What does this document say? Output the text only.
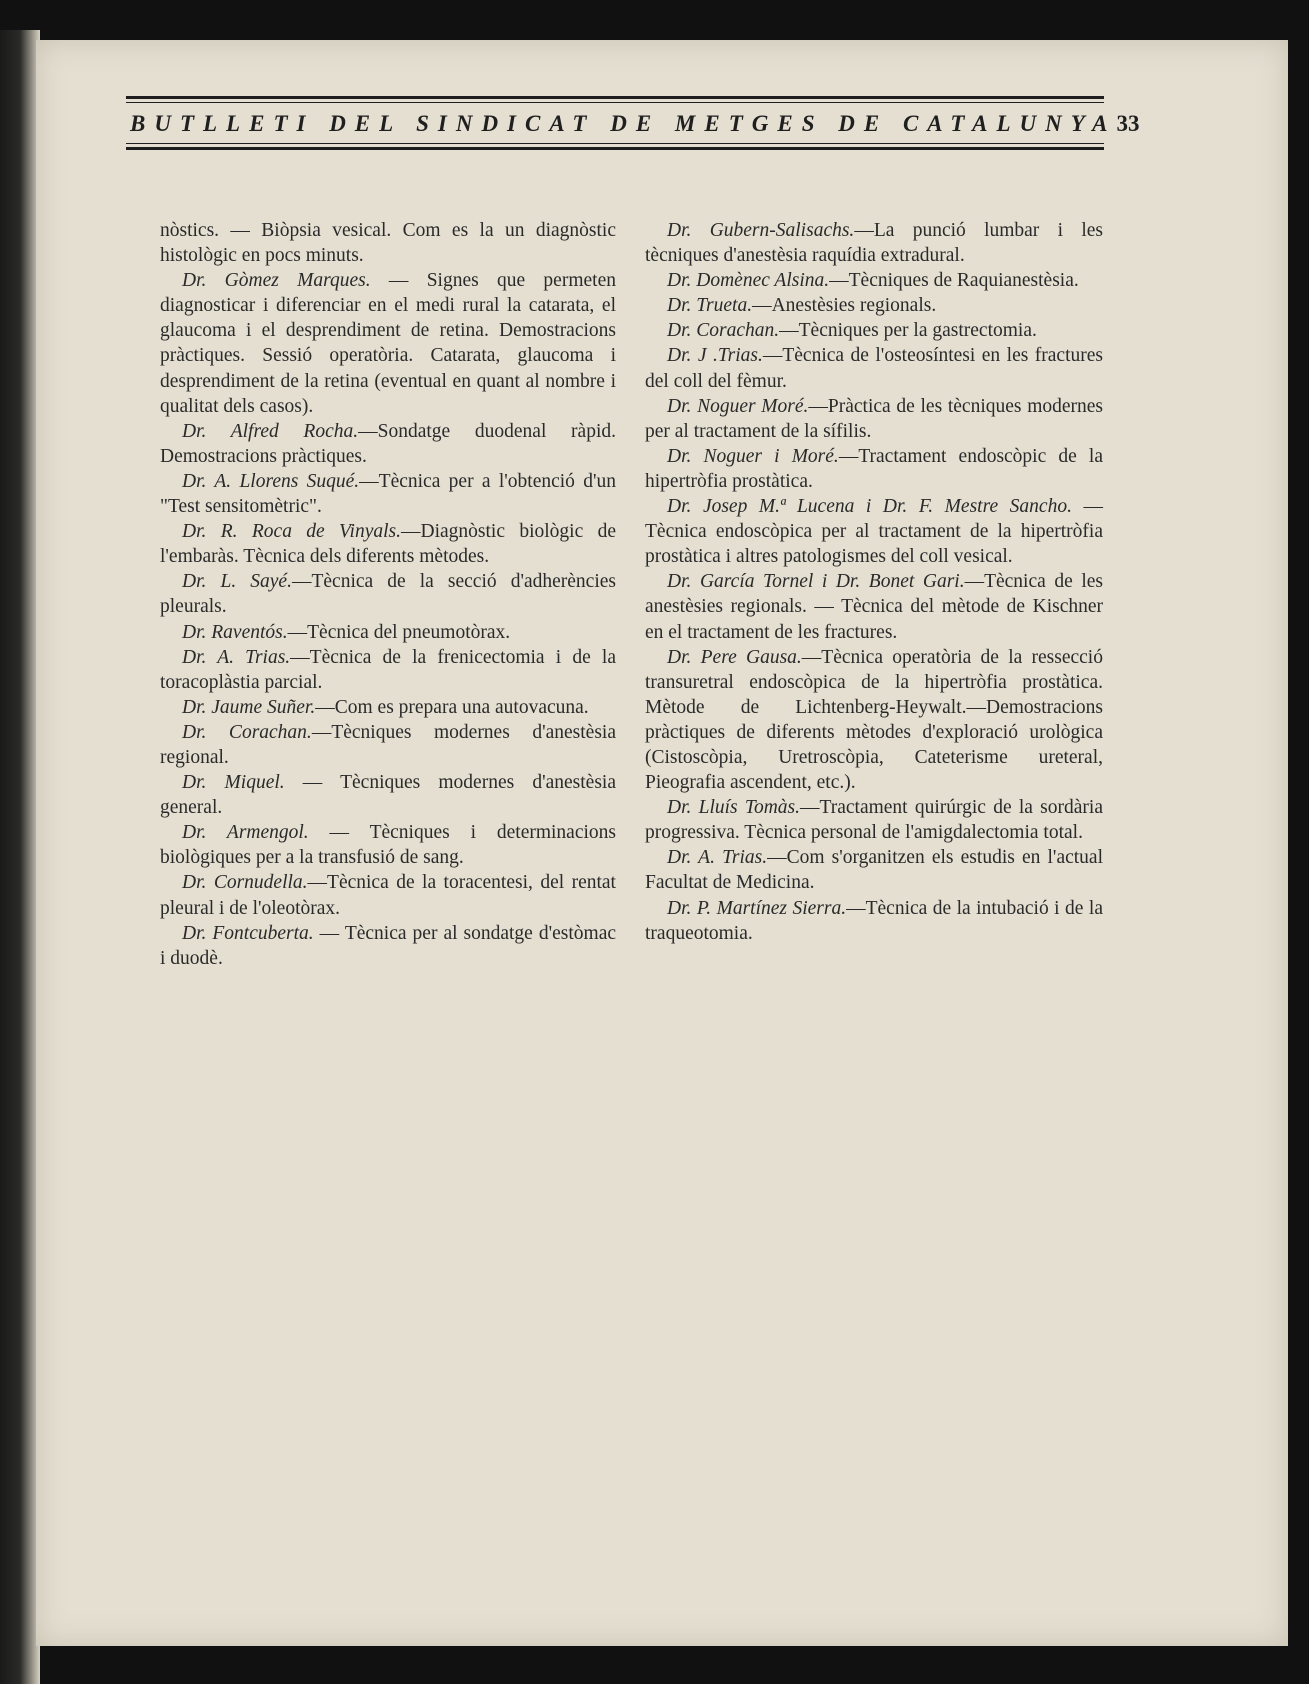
BUTLLETI DEL SINDICAT DE METGES DE CATALUNYA 33

nòstics. — Biòpsia vesical. Com es la un diagnòstic histològic en pocs minuts.

Dr. Gòmez Marques. — Signes que permeten diagnosticar i diferenciar en el medi rural la catarata, el glaucoma i el desprendiment de retina. Demostracions pràctiques. Sessió operatòria. Catarata, glaucoma i desprendiment de la retina (eventual en quant al nombre i qualitat dels casos).

Dr. Alfred Rocha.—Sondatge duodenal ràpid. Demostracions pràctiques.

Dr. A. Llorens Suqué.—Tècnica per a l'obtenció d'un "Test sensitomètric".

Dr. R. Roca de Vinyals.—Diagnòstic biològic de l'embaràs. Tècnica dels diferents mètodes.

Dr. L. Sayé.—Tècnica de la secció d'adherències pleurals.

Dr. Raventós.—Tècnica del pneumotòrax.

Dr. A. Trias.—Tècnica de la frenicectomia i de la toracoplàstia parcial.

Dr. Jaume Suñer.—Com es prepara una autovacuna.

Dr. Corachan.—Tècniques modernes d'anestèsia regional.

Dr. Miquel. — Tècniques modernes d'anestèsia general.

Dr. Armengol. — Tècniques i determinacions biològiques per a la transfusió de sang.

Dr. Cornudella.—Tècnica de la toracentesi, del rentat pleural i de l'oleotòrax.

Dr. Fontcuberta. — Tècnica per al sondatge d'estòmac i duodè.

Dr. Gubern-Salisachs.—La punció lumbar i les tècniques d'anestèsia raquídia extradural.

Dr. Domènec Alsina.—Tècniques de Raquianestèsia.

Dr. Trueta.—Anestèsies regionals.

Dr. Corachan.—Tècniques per la gastrectomia.

Dr. J .Trias.—Tècnica de l'osteosíntesi en les fractures del coll del fèmur.

Dr. Noguer Moré.—Pràctica de les tècniques modernes per al tractament de la sífilis.

Dr. Noguer i Moré.—Tractament endoscòpic de la hipertròfia prostàtica.

Dr. Josep M.ª Lucena i Dr. F. Mestre Sancho. —Tècnica endoscòpica per al tractament de la hipertròfia prostàtica i altres patologismes del coll vesical.

Dr. García Tornel i Dr. Bonet Gari.—Tècnica de les anestèsies regionals. — Tècnica del mètode de Kischner en el tractament de les fractures.

Dr. Pere Gausa.—Tècnica operatòria de la ressecció transuretral endoscòpica de la hipertròfia prostàtica. Mètode de Lichtenberg-Heywalt.—Demostracions pràctiques de diferents mètodes d'exploració urològica (Cistoscòpia, Uretroscòpia, Cateterisme ureteral, Pieografia ascendent, etc.).

Dr. Lluís Tomàs.—Tractament quirúrgic de la sordària progressiva. Tècnica personal de l'amigdalectomia total.

Dr. A. Trias.—Com s'organitzen els estudis en l'actual Facultat de Medicina.

Dr. P. Martínez Sierra.—Tècnica de la intubació i de la traqueotomia.
